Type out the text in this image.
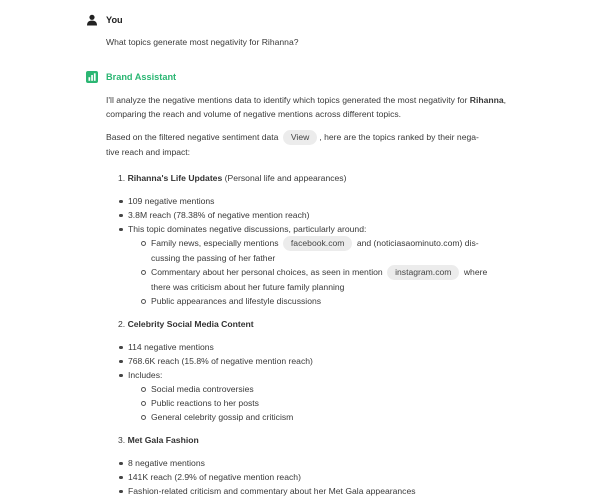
You

What topics generate most negativity for Rihanna?

Brand Assistant

I'll analyze the negative mentions data to identify which topics generated the most negativity for Rihanna, comparing the reach and volume of negative mentions across different topics.

Based on the filtered negative sentiment data View , here are the topics ranked by their nega-
tive reach and impact:

1. Rihanna's Life Updates (Personal life and appearances)

109 negative mentions
3.8M reach (78.38% of negative mention reach)
This topic dominates negative discussions, particularly around:
Family news, especially mentions facebook.com and (noticiasaominuto.com) dis-
cussing the passing of her father
Commentary about her personal choices, as seen in mention instagram.com where
there was criticism about her future family planning
Public appearances and lifestyle discussions

2. Celebrity Social Media Content

114 negative mentions
768.6K reach (15.8% of negative mention reach)
Includes:
Social media controversies
Public reactions to her posts
General celebrity gossip and criticism

3. Met Gala Fashion

8 negative mentions
141K reach (2.9% of negative mention reach)
Fashion-related criticism and commentary about her Met Gala appearances
